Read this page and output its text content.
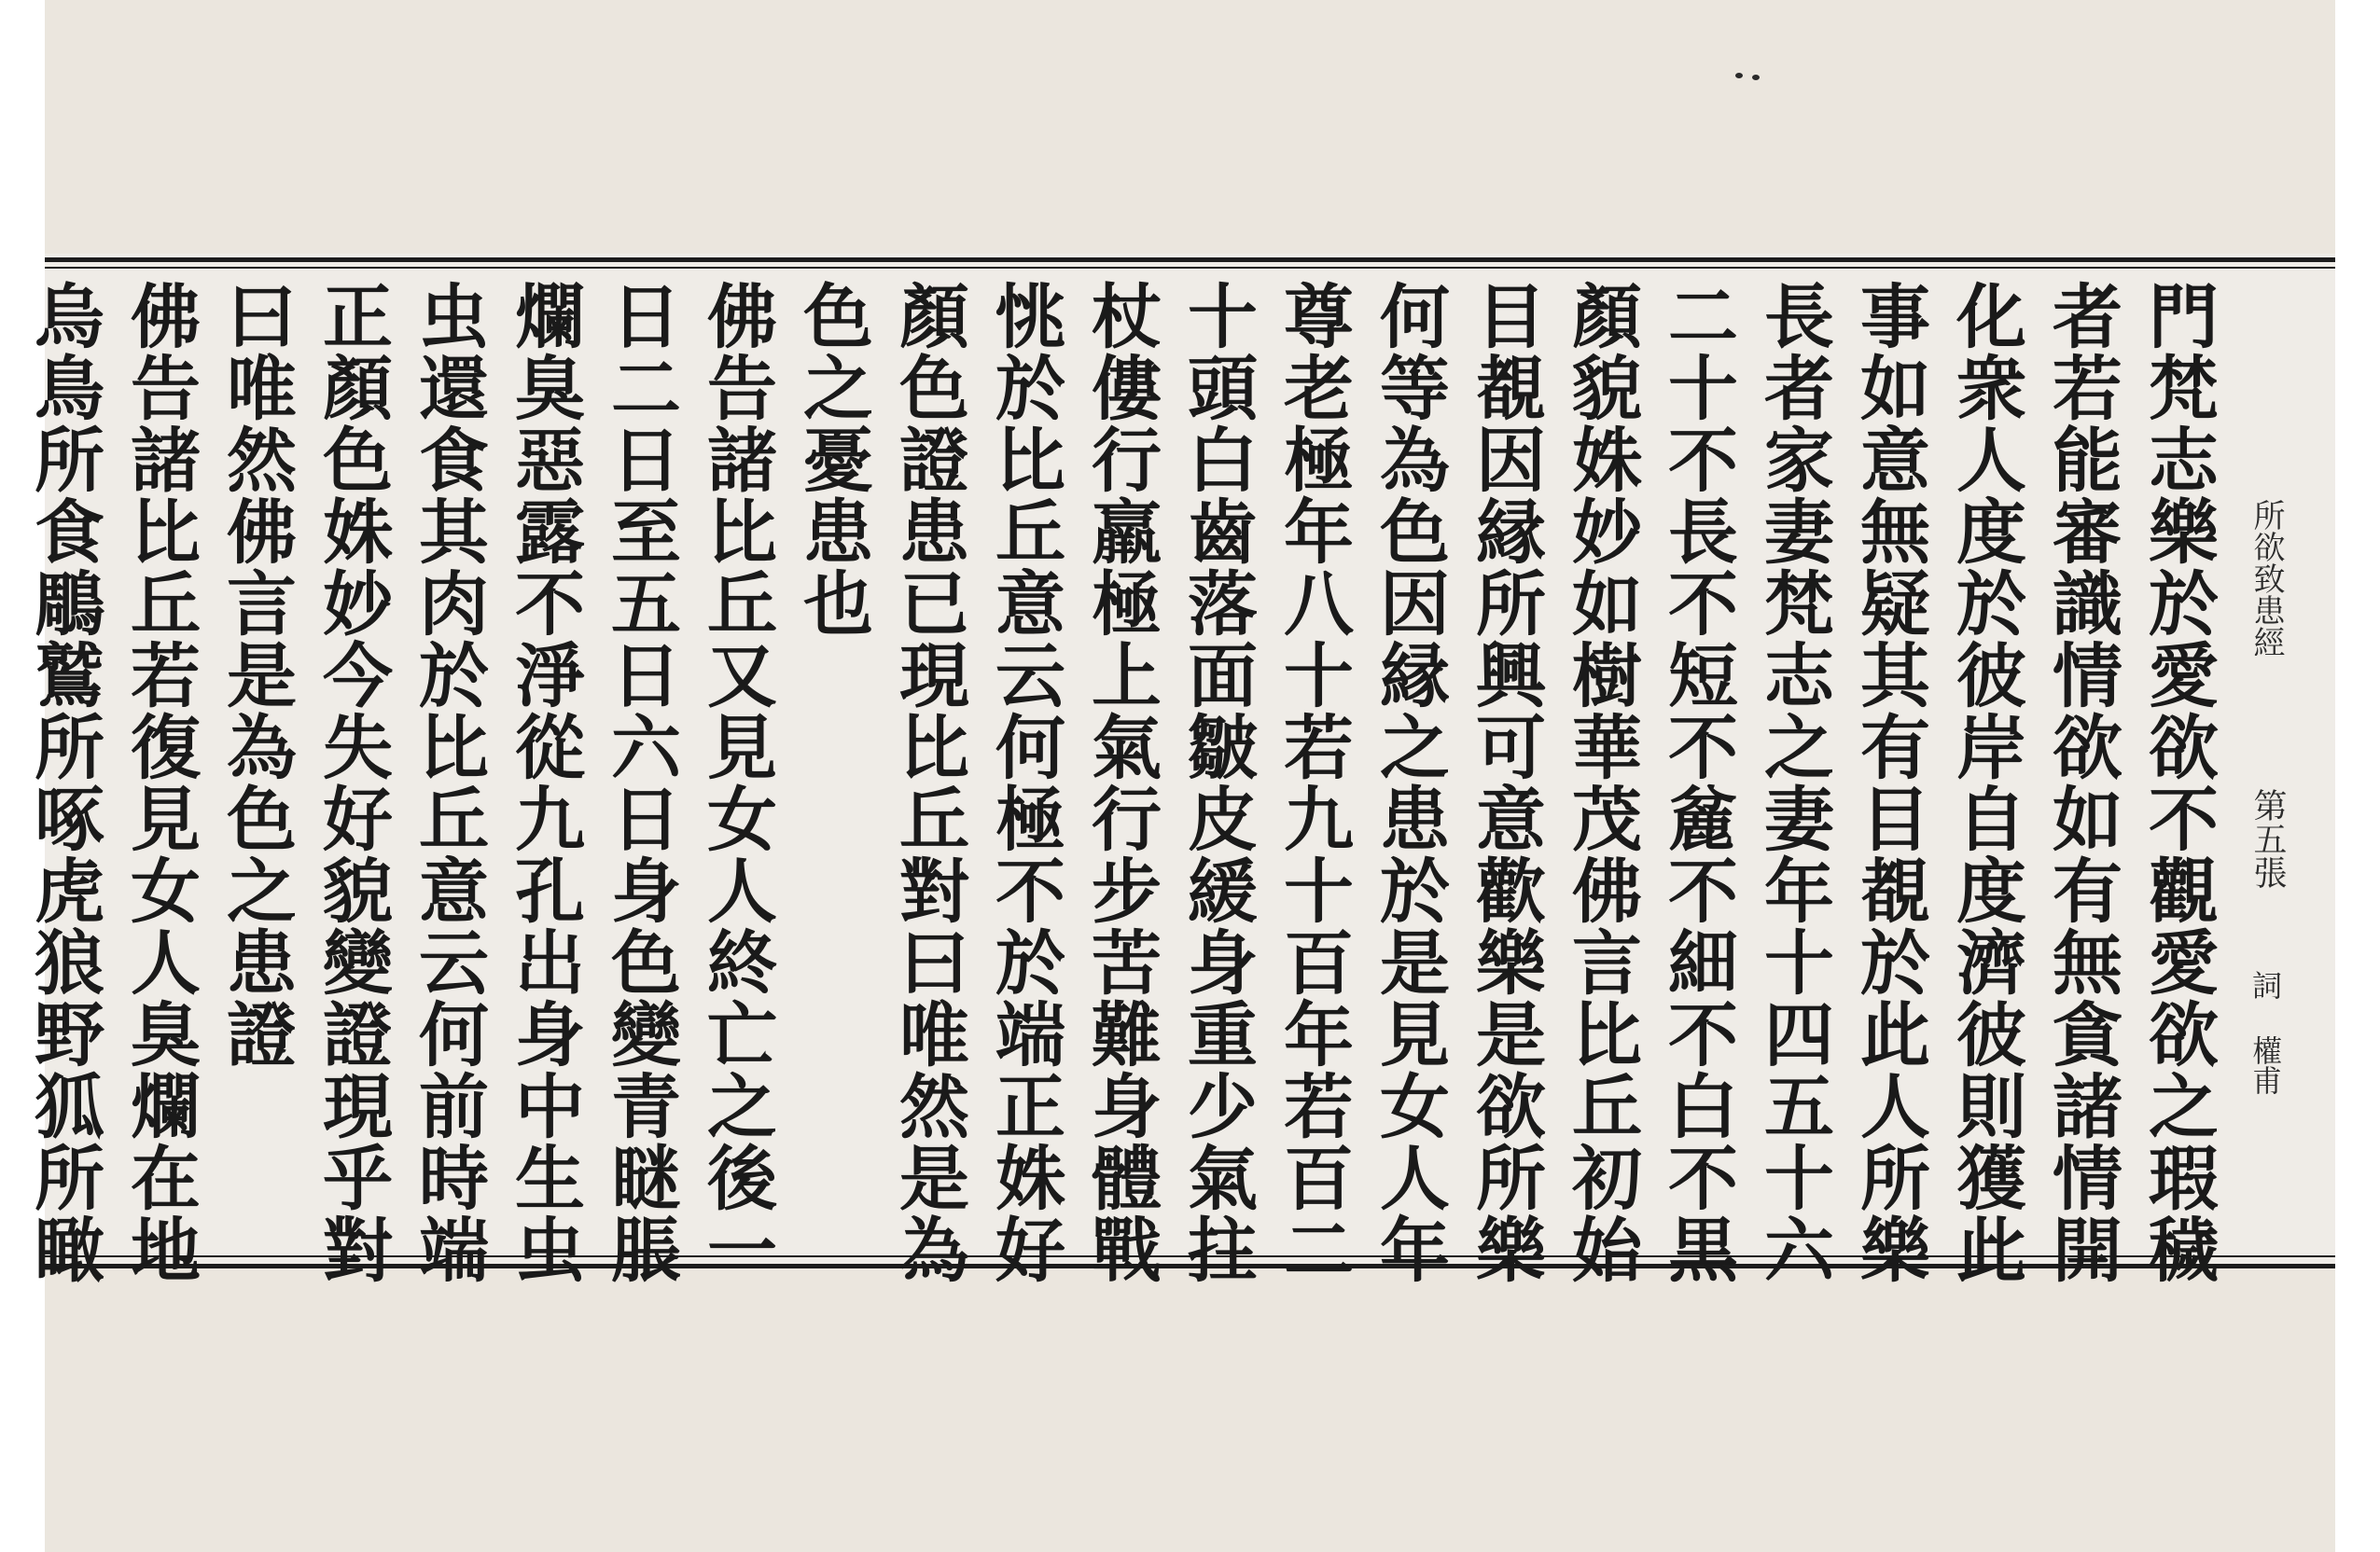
所欲致患經
第五張
詞 權甫
門梵志樂於愛欲不觀愛欲之瑕穢
者若能審識情欲如有無貪諸情開
化衆人度於彼岸自度濟彼則獲此
事如意無疑其有目覩於此人所樂
長者家妻梵志之妻年十四五十六
二十不長不短不麄不細不白不黒
顏貌姝妙如樹華茂佛言比丘初始
目覩因縁所興可意歡樂是欲所樂
何等為色因縁之患於是見女人年
尊老極年八十若九十百年若百二
十頭白齒落面皺皮緩身重少氣拄
杖僂行羸極上氣行步苦難身體戰
恌於比丘意云何極不於端正姝好
顏色證患已現比丘對曰唯然是為
色之憂患也
佛告諸比丘又見女人終亡之後一
日二日至五日六日身色變青瞇脹
爛臭惡露不淨從九孔出身中生虫
虫還食其肉於比丘意云何前時端
正顏色姝妙今失好貌變證現乎對
曰唯然佛言是為色之患證
佛告諸比丘若復見女人臭爛在地
烏鳥所食鵰鷲所啄虎狼野狐所瞰
